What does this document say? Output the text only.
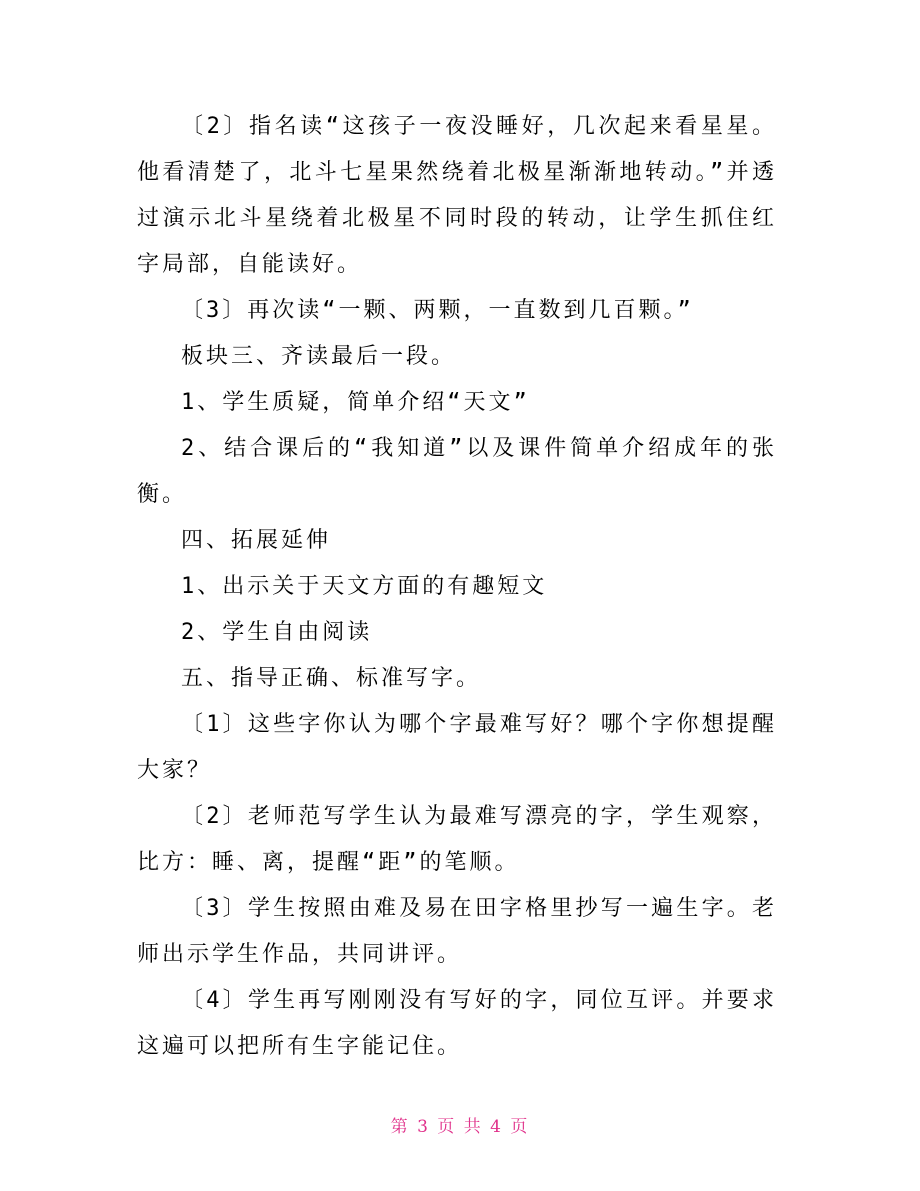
〔2〕指名读“这孩子一夜没睡好，几次起来看星星。他看清楚了，北斗七星果然绕着北极星渐渐地转动。”并透过演示北斗星绕着北极星不同时段的转动，让学生抓住红字局部，自能读好。

〔3〕再次读“一颗、两颗，一直数到几百颗。”

板块三、齐读最后一段。

1、学生质疑，简单介绍“天文”

2、结合课后的“我知道”以及课件简单介绍成年的张衡。

四、拓展延伸

1、出示关于天文方面的有趣短文

2、学生自由阅读

五、指导正确、标准写字。

〔1〕这些字你认为哪个字最难写好？哪个字你想提醒大家？

〔2〕老师范写学生认为最难写漂亮的字，学生观察，比方：睡、离，提醒“距”的笔顺。

〔3〕学生按照由难及易在田字格里抄写一遍生字。老师出示学生作品，共同讲评。

〔4〕学生再写刚刚没有写好的字，同位互评。并要求这遍可以把所有生字能记住。

第 3 页 共 4 页
